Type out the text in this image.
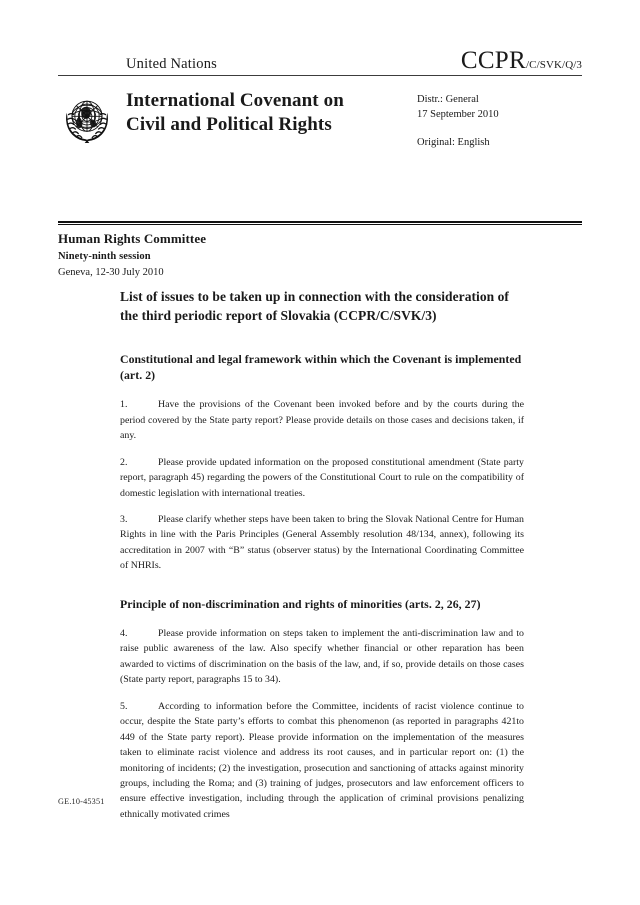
United Nations	CCPR/C/SVK/Q/3
International Covenant on
Civil and Political Rights
Distr.: General
17 September 2010
Original: English
Human Rights Committee
Ninety-ninth session
Geneva, 12-30 July 2010
List of issues to be taken up in connection with the consideration of the third periodic report of Slovakia (CCPR/C/SVK/3)
Constitutional and legal framework within which the Covenant is implemented (art. 2)

1.	Have the provisions of the Covenant been invoked before and by the courts during the period covered by the State party report? Please provide details on those cases and decisions taken, if any.

2.	Please provide updated information on the proposed constitutional amendment (State party report, paragraph 45) regarding the powers of the Constitutional Court to rule on the compatibility of domestic legislation with international treaties.

3.	Please clarify whether steps have been taken to bring the Slovak National Centre for Human Rights in line with the Paris Principles (General Assembly resolution 48/134, annex), following its accreditation in 2007 with “B” status (observer status) by the International Coordinating Committee of NHRIs.

Principle of non-discrimination and rights of minorities (arts. 2, 26, 27)

4.	Please provide information on steps taken to implement the anti-discrimination law and to raise public awareness of the law. Also specify whether financial or other reparation has been awarded to victims of discrimination on the basis of the law, and, if so, provide details on those cases (State party report, paragraphs 15 to 34).

5.	According to information before the Committee, incidents of racist violence continue to occur, despite the State party’s efforts to combat this phenomenon (as reported in paragraphs 421to 449 of the State party report). Please provide information on the implementation of the measures taken to eliminate racist violence and address its root causes, and in particular report on: (1) the monitoring of incidents; (2) the investigation, prosecution and sanctioning of attacks against minority groups, including the Roma; and (3) training of judges, prosecutors and law enforcement officers to ensure effective investigation, including through the application of criminal provisions penalizing ethnically motivated crimes

GE.10-45351
